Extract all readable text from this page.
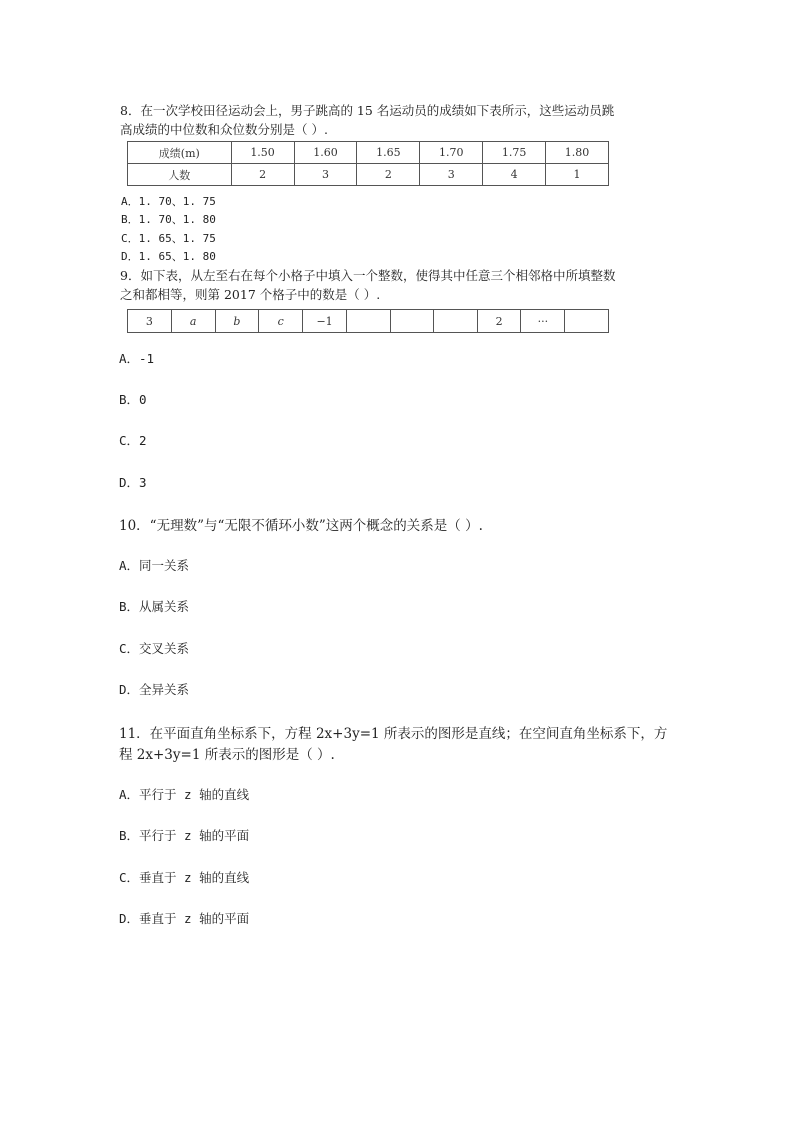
8．在一次学校田径运动会上，男子跳高的 15 名运动员的成绩如下表所示，这些运动员跳
高成绩的中位数和众位数分别是（ ）.
成绩(m)	1.50	1.60	1.65	1.70	1.75	1.80
人数	2	3	2	3	4	1
A．1. 70、1. 75
B．1. 70、1. 80
C．1. 65、1. 75
D．1. 65、1. 80
9．如下表，从左至右在每个小格子中填入一个整数，使得其中任意三个相邻格中所填整数
之和都相等，则第 2017 个格子中的数是（ ）.
3	a	b	c	−1				2	···	
A．-1
B．0
C．2
D．3
10．“无理数”与“无限不循环小数”这两个概念的关系是（ ）.
A．同一关系
B．从属关系
C．交叉关系
D．全异关系
11．在平面直角坐标系下，方程 2x+3y=1 所表示的图形是直线；在空间直角坐标系下，方
程 2x+3y=1 所表示的图形是（ ）.
A．平行于 z 轴的直线
B．平行于 z 轴的平面
C．垂直于 z 轴的直线
D．垂直于 z 轴的平面
